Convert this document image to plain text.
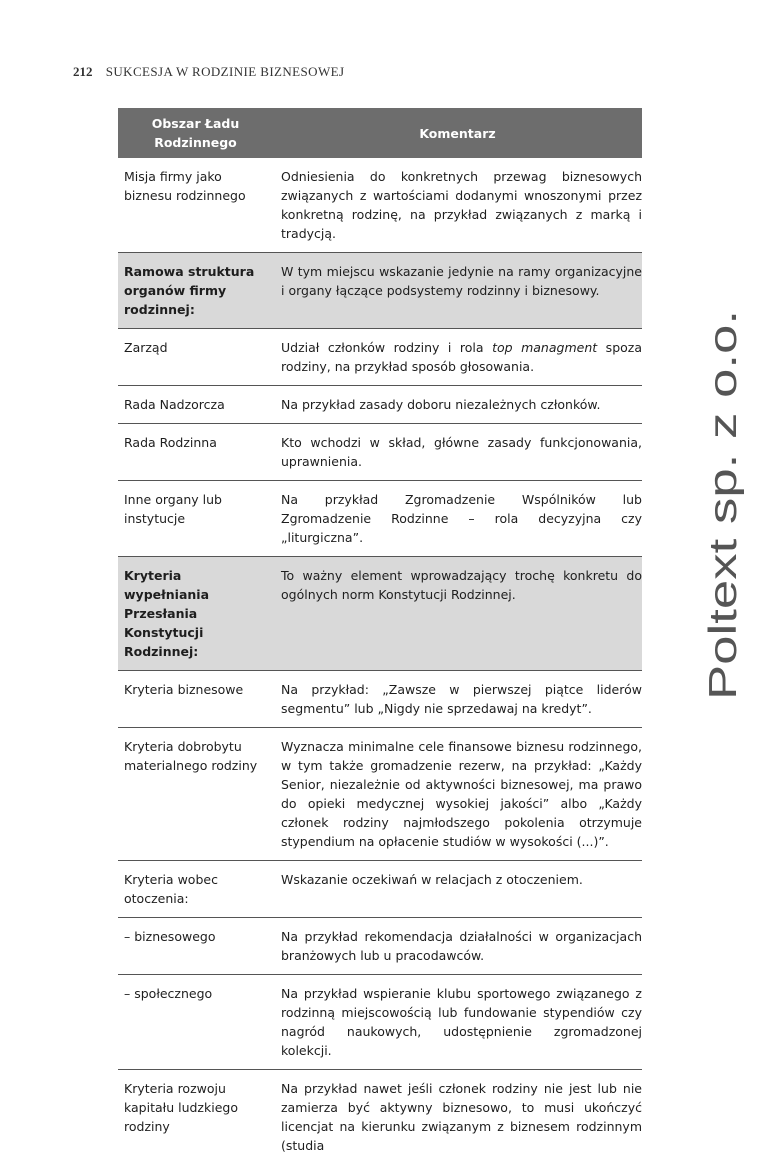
212 SUKCESJA W RODZINIE BIZNESOWEJ
Poltext sp. z o.o.
Obszar Ładu Rodzinnego	Komentarz
Misja firmy jako biznesu rodzinnego	Odniesienia do konkretnych przewag biznesowych związanych z wartościami dodanymi wnoszonymi przez konkretną rodzinę, na przykład związanych z marką i tradycją.
Ramowa struktura organów firmy rodzinnej:	W tym miejscu wskazanie jedynie na ramy organizacyjne i organy łączące podsystemy rodzinny i biznesowy.
Zarząd	Udział członków rodziny i rola top managment spoza rodziny, na przykład sposób głosowania.
Rada Nadzorcza	Na przykład zasady doboru niezależnych członków.
Rada Rodzinna	Kto wchodzi w skład, główne zasady funkcjonowania, uprawnienia.
Inne organy lub instytucje	Na przykład Zgromadzenie Wspólników lub Zgromadzenie Rodzinne – rola decyzyjna czy „liturgiczna”.
Kryteria wypełniania Przesłania Konstytucji Rodzinnej:	To ważny element wprowadzający trochę konkretu do ogólnych norm Konstytucji Rodzinnej.
Kryteria biznesowe	Na przykład: „Zawsze w pierwszej piątce liderów segmentu” lub „Nigdy nie sprzedawaj na kredyt”.
Kryteria dobrobytu materialnego rodziny	Wyznacza minimalne cele finansowe biznesu rodzinnego, w tym także gromadzenie rezerw, na przykład: „Każdy Senior, niezależnie od aktywności biznesowej, ma prawo do opieki medycznej wysokiej jakości” albo „Każdy członek rodziny najmłodszego pokolenia otrzymuje stypendium na opłacenie studiów w wysokości (...)”.
Kryteria wobec otoczenia:	Wskazanie oczekiwań w relacjach z otoczeniem.
– biznesowego	Na przykład rekomendacja działalności w organizacjach branżowych lub u pracodawców.
– społecznego	Na przykład wspieranie klubu sportowego związanego z rodzinną miejscowością lub fundowanie stypendiów czy nagród naukowych, udostępnienie zgromadzonej kolekcji.
Kryteria rozwoju kapitału ludzkiego rodziny	Na przykład nawet jeśli członek rodziny nie jest lub nie zamierza być aktywny biznesowo, to musi ukończyć licencjat na kierunku związanym z biznesem rodzinnym (studia
